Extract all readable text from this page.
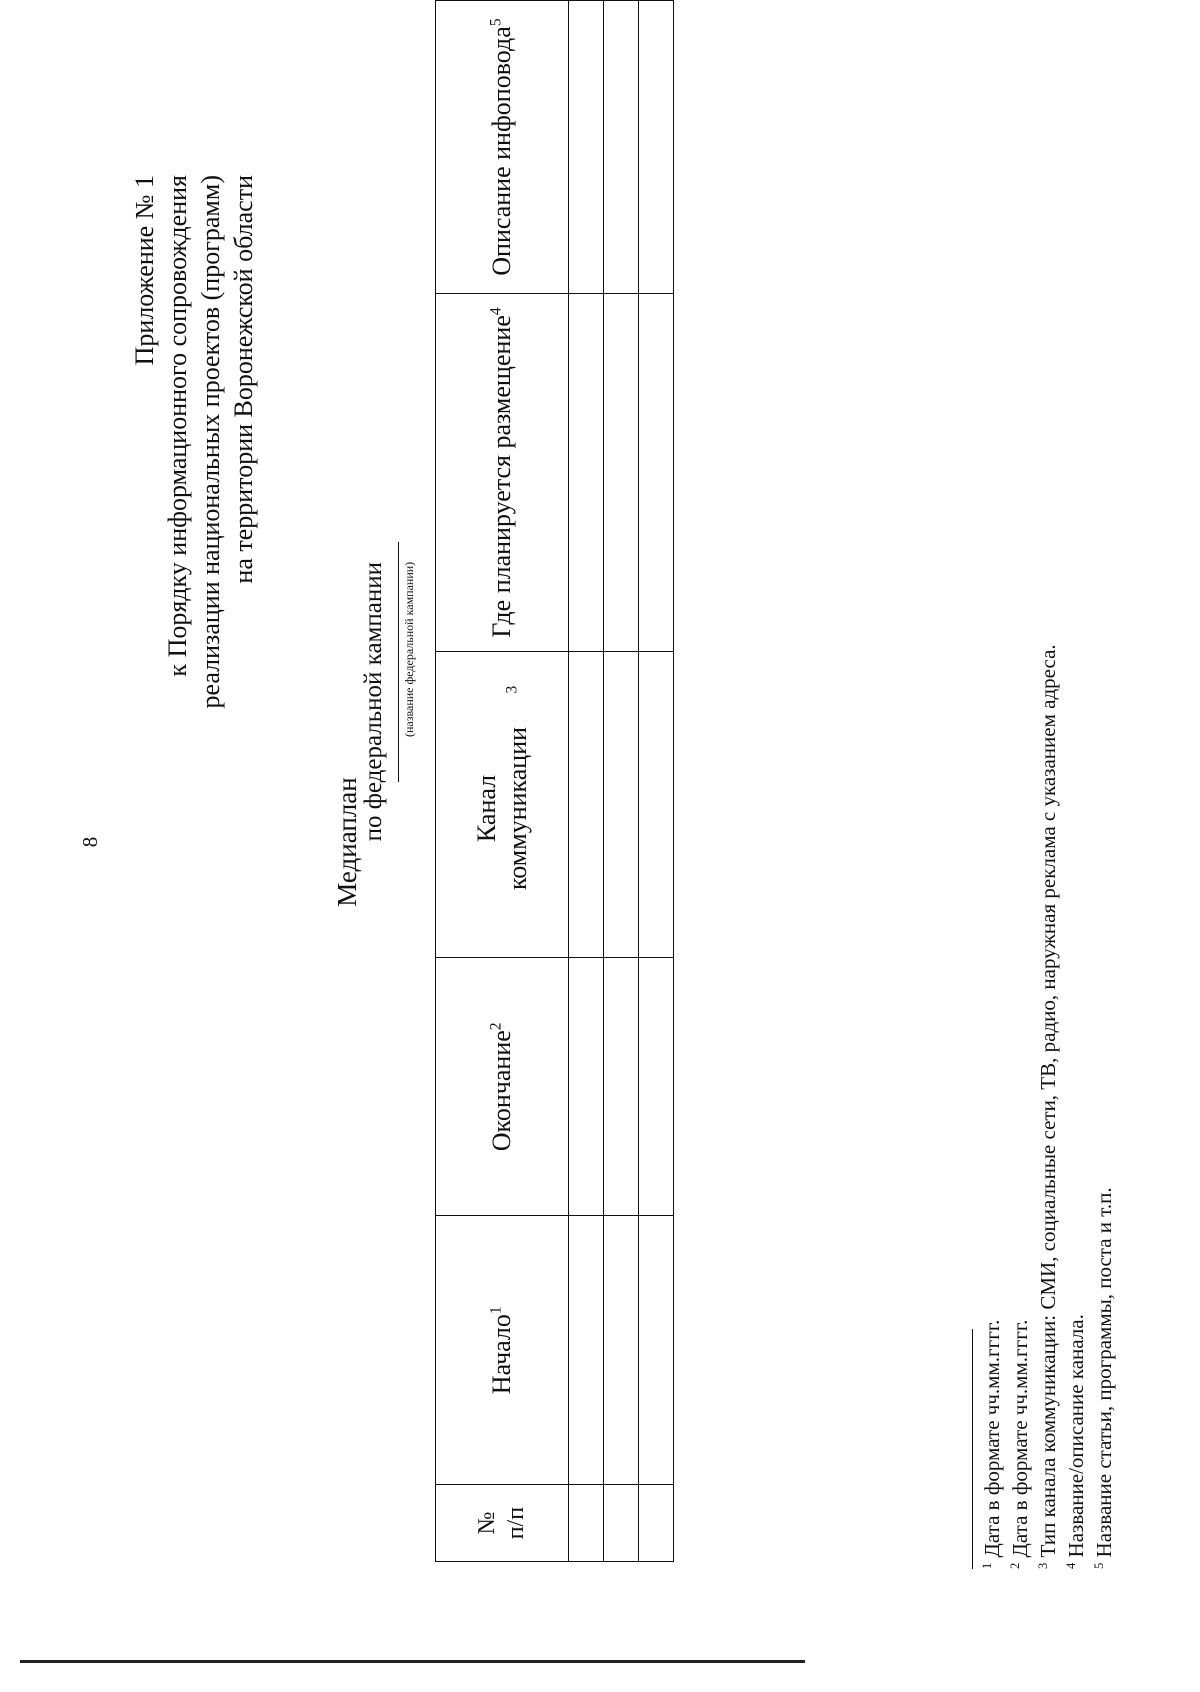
8
Приложение № 1 к Порядку информационного сопровождения реализации национальных проектов (программ) на территории Воронежской области
Медиаплан
по федеральной кампании (название федеральной кампании)
№ п/п	Начало$^1$	Окончание$^2$	Канал коммуникации$^3$	Где планируется размещение$^4$	Описание инфоповода$^5$

$^1$ Дата в формате чч.мм.гггг.
$^2$ Дата в формате чч.мм.гггг.
$^3$ Тип канала коммуникации: СМИ, социальные сети, ТВ, радио, наружная реклама с указанием адреса.
$^4$ Название/описание канала.
$^5$ Название статьи, программы, поста и т.п.
